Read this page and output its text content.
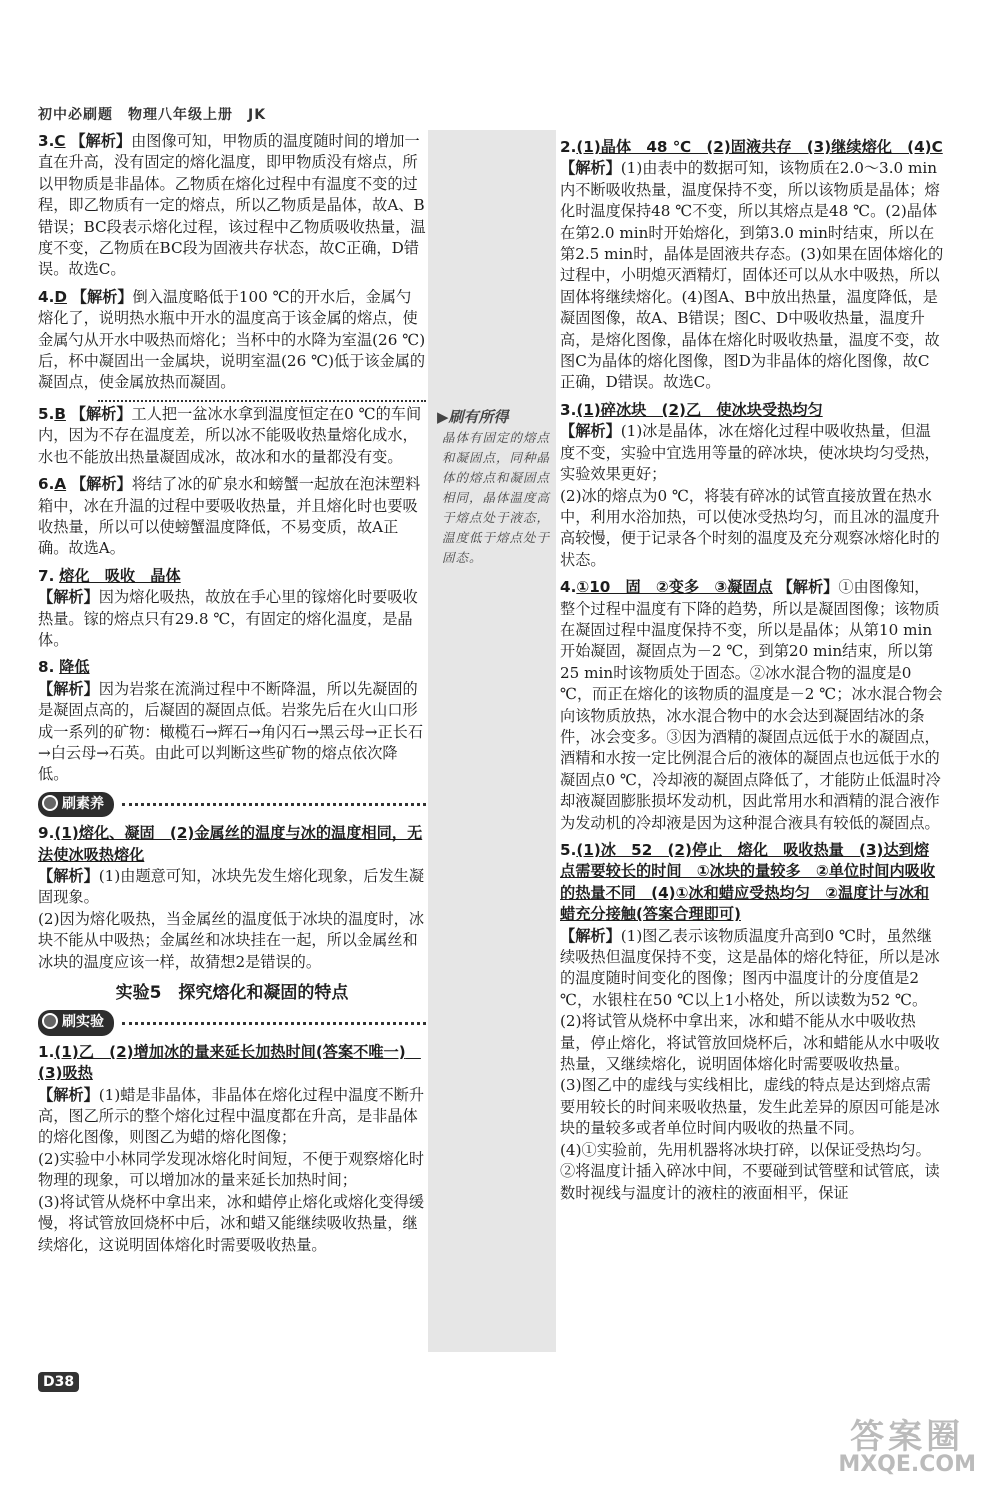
初中必刷题　物理八年级上册　JK
▶刷有所得
晶体有固定的熔点和凝固点，同种晶体的熔点和凝固点相同，晶体温度高于熔点处于液态，温度低于熔点处于固态。

3.C 【解析】由图像可知，甲物质的温度随时间的增加一直在升高，没有固定的熔化温度，即甲物质没有熔点，所以甲物质是非晶体。乙物质在熔化过程中有温度不变的过程，即乙物质有一定的熔点，所以乙物质是晶体，故A、B错误；BC段表示熔化过程，该过程中乙物质吸收热量，温度不变，乙物质在BC段为固液共存状态，故C正确，D错误。故选C。

4.D 【解析】倒入温度略低于100 ℃的开水后，金属勺熔化了，说明热水瓶中开水的温度高于该金属的熔点，使金属勺从开水中吸热而熔化；当杯中的水降为室温(26 ℃)后，杯中凝固出一金属块，说明室温(26 ℃)低于该金属的凝固点，使金属放热而凝固。

5.B 【解析】工人把一盆冰水拿到温度恒定在0 ℃的车间内，因为不存在温度差，所以冰不能吸收热量熔化成水，水也不能放出热量凝固成冰，故冰和水的量都没有变。

6.A 【解析】将结了冰的矿泉水和螃蟹一起放在泡沫塑料箱中，冰在升温的过程中要吸收热量，并且熔化时也要吸收热量，所以可以使螃蟹温度降低，不易变质，故A正确。故选A。

7. 熔化　吸收　晶体
【解析】因为熔化吸热，故放在手心里的镓熔化时要吸收热量。镓的熔点只有29.8 ℃，有固定的熔化温度，是晶体。

8. 降低
【解析】因为岩浆在流淌过程中不断降温，所以先凝固的是凝固点高的，后凝固的凝固点低。岩浆先后在火山口形成一系列的矿物：橄榄石→辉石→角闪石→黑云母→正长石→白云母→石英。由此可以判断这些矿物的熔点依次降低。

刷素养

9.(1)熔化、凝固　(2)金属丝的温度与冰的温度相同，无法使冰吸热熔化
【解析】(1)由题意可知，冰块先发生熔化现象，后发生凝固现象。
(2)因为熔化吸热，当金属丝的温度低于冰块的温度时，冰块不能从中吸热；金属丝和冰块挂在一起，所以金属丝和冰块的温度应该一样，故猜想2是错误的。

实验5　探究熔化和凝固的特点
刷实验

1.(1)乙　(2)增加冰的量来延长加热时间(答案不唯一)　(3)吸热
【解析】(1)蜡是非晶体，非晶体在熔化过程中温度不断升高，图乙所示的整个熔化过程中温度都在升高，是非晶体的熔化图像，则图乙为蜡的熔化图像；
(2)实验中小林同学发现冰熔化时间短，不便于观察熔化时物理的现象，可以增加冰的量来延长加热时间；
(3)将试管从烧杯中拿出来，冰和蜡停止熔化或熔化变得缓慢，将试管放回烧杯中后，冰和蜡又能继续吸收热量，继续熔化，这说明固体熔化时需要吸收热量。

2.(1)晶体　48 ℃　(2)固液共存　(3)继续熔化　(4)C
【解析】(1)由表中的数据可知，该物质在2.0～3.0 min内不断吸收热量，温度保持不变，所以该物质是晶体；熔化时温度保持48 ℃不变，所以其熔点是48 ℃。(2)晶体在第2.0 min时开始熔化，到第3.0 min时结束，所以在第2.5 min时，晶体是固液共存态。(3)如果在固体熔化的过程中，小明熄灭酒精灯，固体还可以从水中吸热，所以固体将继续熔化。(4)图A、B中放出热量，温度降低，是凝固图像，故A、B错误；图C、D中吸收热量，温度升高，是熔化图像，晶体在熔化时吸收热量，温度不变，故图C为晶体的熔化图像，图D为非晶体的熔化图像，故C正确，D错误。故选C。

3.(1)碎冰块　(2)乙　使冰块受热均匀
【解析】(1)冰是晶体，冰在熔化过程中吸收热量，但温度不变，实验中宜选用等量的碎冰块，使冰块均匀受热，实验效果更好；
(2)冰的熔点为0 ℃，将装有碎冰的试管直接放置在热水中，利用水浴加热，可以使冰受热均匀，而且冰的温度升高较慢，便于记录各个时刻的温度及充分观察冰熔化时的状态。

4.①10　固　②变多　③凝固点 【解析】①由图像知，整个过程中温度有下降的趋势，所以是凝固图像；该物质在凝固过程中温度保持不变，所以是晶体；从第10 min开始凝固，凝固点为－2 ℃，到第20 min结束，所以第25 min时该物质处于固态。②冰水混合物的温度是0 ℃，而正在熔化的该物质的温度是－2 ℃；冰水混合物会向该物质放热，冰水混合物中的水会达到凝固结冰的条件，冰会变多。③因为酒精的凝固点远低于水的凝固点，酒精和水按一定比例混合后的液体的凝固点也远低于水的凝固点0 ℃，冷却液的凝固点降低了，才能防止低温时冷却液凝固膨胀损坏发动机，因此常用水和酒精的混合液作为发动机的冷却液是因为这种混合液具有较低的凝固点。

5.(1)冰　52　(2)停止　熔化　吸收热量　(3)达到熔点需要较长的时间　①冰块的量较多　②单位时间内吸收的热量不同　(4)①冰和蜡应受热均匀　②温度计与冰和蜡充分接触(答案合理即可)
【解析】(1)图乙表示该物质温度升高到0 ℃时，虽然继续吸热但温度保持不变，这是晶体的熔化特征，所以是冰的温度随时间变化的图像；图丙中温度计的分度值是2 ℃，水银柱在50 ℃以上1小格处，所以读数为52 ℃。
(2)将试管从烧杯中拿出来，冰和蜡不能从水中吸收热量，停止熔化，将试管放回烧杯后，冰和蜡能从水中吸收热量，又继续熔化，说明固体熔化时需要吸收热量。
(3)图乙中的虚线与实线相比，虚线的特点是达到熔点需要用较长的时间来吸收热量，发生此差异的原因可能是冰块的量较多或者单位时间内吸收的热量不同。
(4)①实验前，先用机器将冰块打碎，以保证受热均匀。
②将温度计插入碎冰中间，不要碰到试管壁和试管底，读数时视线与温度计的液柱的液面相平，保证

D38
答案圈
MXQE.COM
